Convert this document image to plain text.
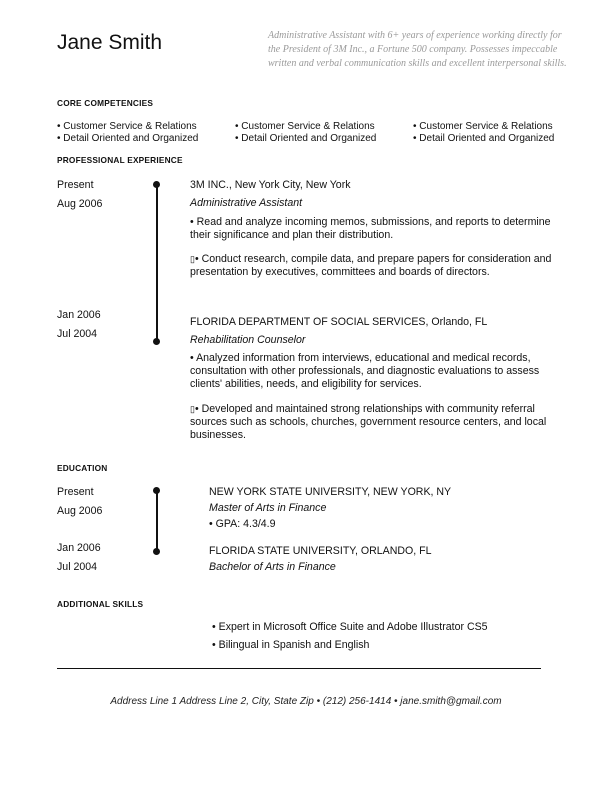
Jane Smith	Administrative Assistant with 6+ years of experience working directly for the President of 3M Inc., a Fortune 500 company. Possesses impeccable written and verbal communication skills and excellent interpersonal skills.
CORE COMPETENCIES
• Customer Service & Relations
• Detail Oriented and Organized
• Customer Service & Relations
• Detail Oriented and Organized
• Customer Service & Relations
• Detail Oriented and Organized
PROFESSIONAL EXPERIENCE
Present
Aug 2006
3M INC., New York City, New York
Administrative Assistant
• Read and analyze incoming memos, submissions, and reports to determine their significance and plan their distribution.
▯• Conduct research, compile data, and prepare papers for consideration and presentation by executives, committees and boards of directors.
Jan 2006
Jul 2004
FLORIDA DEPARTMENT OF SOCIAL SERVICES, Orlando, FL
Rehabilitation Counselor
• Analyzed information from interviews, educational and medical records, consultation with other professionals, and diagnostic evaluations to assess clients' abilities, needs, and eligibility for services.
▯• Developed and maintained strong relationships with community referral sources such as schools, churches, government resource centers, and local businesses.
EDUCATION
Present
Aug 2006
NEW YORK STATE UNIVERSITY, NEW YORK, NY
Master of Arts in Finance
• GPA: 4.3/4.9
Jan 2006
Jul 2004
FLORIDA STATE UNIVERSITY, ORLANDO, FL
Bachelor of Arts in Finance
ADDITIONAL SKILLS
• Expert in Microsoft Office Suite and Adobe Illustrator CS5
• Bilingual in Spanish and English
Address Line 1 Address Line 2, City, State Zip • (212) 256-1414 • jane.smith@gmail.com
